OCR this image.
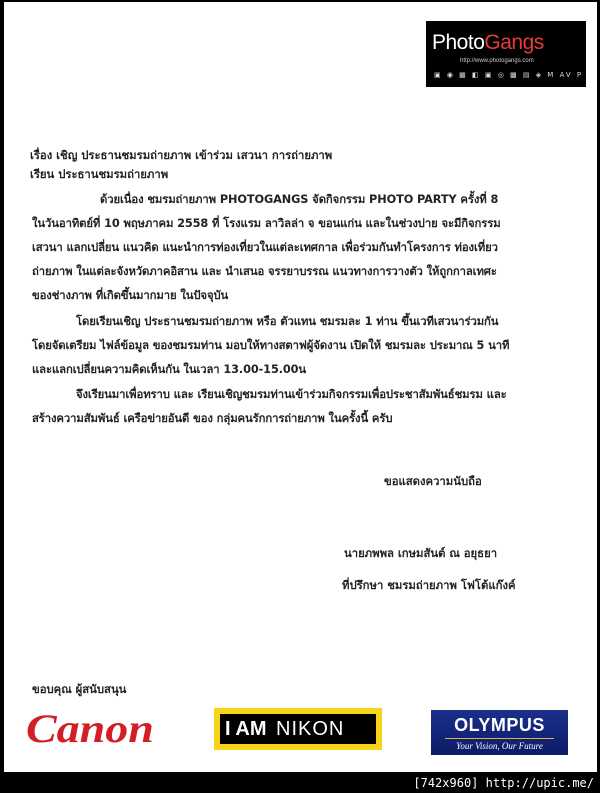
PhotoGangs
http://www.photogangs.com
▣ ◉ ▦ ◧ ▣ ◎ ▩ ▤ ◈ M AV P
เรื่อง เชิญ ประธานชมรมถ่ายภาพ เข้าร่วม เสวนา การถ่ายภาพ
เรียน ประธานชมรมถ่ายภาพ
ด้วยเนื่อง ชมรมถ่ายภาพ PHOTOGANGS จัดกิจกรรม PHOTO PARTY ครั้งที่ 8
ในวันอาทิตย์ที่ 10 พฤษภาคม 2558 ที่ โรงแรม ลาวิลล่า จ ขอนแก่น และในช่วงบ่าย จะมีกิจกรรม
เสวนา แลกเปลี่ยน แนวคิด แนะนำการท่องเที่ยวในแต่ละเทศกาล เพื่อร่วมกันทำโครงการ ท่องเที่ยว
ถ่ายภาพ ในแต่ละจังหวัดภาคอิสาน และ นำเสนอ จรรยาบรรณ แนวทางการวางตัว ให้ถูกกาลเทศะ
ของช่างภาพ ที่เกิดขึ้นมากมาย ในปัจจุบัน
โดยเรียนเชิญ ประธานชมรมถ่ายภาพ หรือ ตัวแทน ชมรมละ 1 ท่าน ขึ้นเวทีเสวนาร่วมกัน
โดยจัดเตรียม ไฟล์ข้อมูล ของชมรมท่าน มอบให้ทางสตาฟผู้จัดงาน เปิดให้ ชมรมละ ประมาณ 5 นาที
และแลกเปลี่ยนความคิดเห็นกัน ในเวลา 13.00-15.00น
จึงเรียนมาเพื่อทราบ และ เรียนเชิญชมรมท่านเข้าร่วมกิจกรรมเพื่อประชาสัมพันธ์ชมรม และ
สร้างความสัมพันธ์ เครือข่ายอันดี ของ กลุ่มคนรักการถ่ายภาพ ในครั้งนี้ ครับ
ขอแสดงความนับถือ
นายภพพล เกษมสันต์ ณ อยุธยา
ที่ปรึกษา ชมรมถ่ายภาพ โฟโต้แก๊งค์
ขอบคุณ ผู้สนับสนุน
Canon	I AM NIKON	OLYMPUS
Your Vision, Our Future
[742x960] http://upic.me/
